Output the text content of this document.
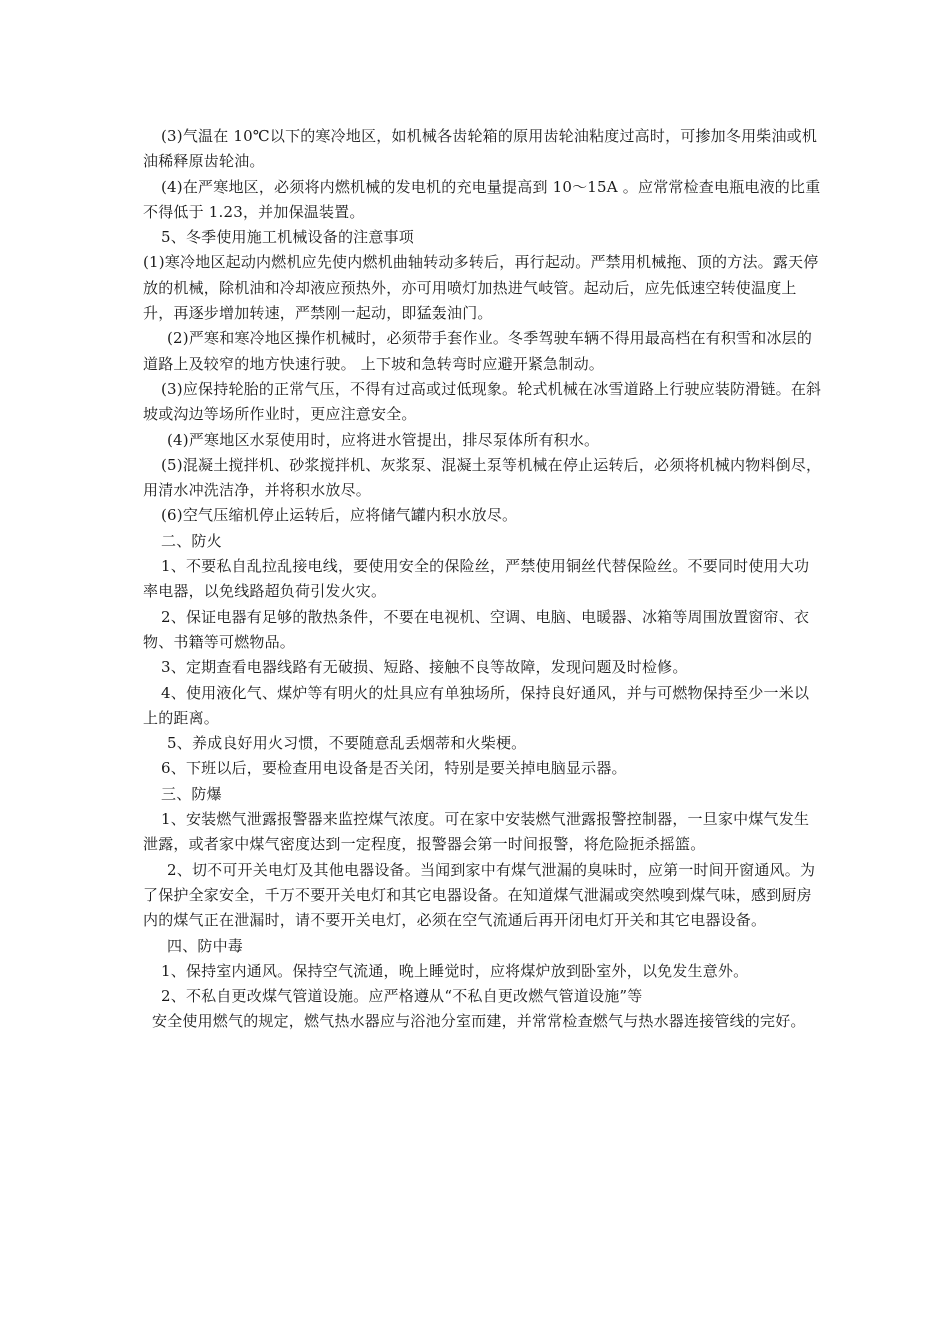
(3)气温在 10℃以下的寒冷地区，如机械各齿轮箱的原用齿轮油粘度过高时，可掺加冬用柴油或机油稀释原齿轮油。

(4)在严寒地区，必须将内燃机械的发电机的充电量提高到 10～15A 。应常常检查电瓶电液的比重不得低于 1.23，并加保温装置。

5、冬季使用施工机械设备的注意事项

(1)寒冷地区起动内燃机应先使内燃机曲轴转动多转后，再行起动。严禁用机械拖、顶的方法。露天停放的机械，除机油和冷却液应预热外，亦可用喷灯加热进气岐管。起动后，应先低速空转使温度上升，再逐步增加转速，严禁刚一起动，即猛轰油门。

(2)严寒和寒冷地区操作机械时，必须带手套作业。冬季驾驶车辆不得用最高档在有积雪和冰层的道路上及较窄的地方快速行驶。 上下坡和急转弯时应避开紧急制动。

(3)应保持轮胎的正常气压，不得有过高或过低现象。轮式机械在冰雪道路上行驶应装防滑链。在斜坡或沟边等场所作业时，更应注意安全。

(4)严寒地区水泵使用时，应将进水管提出，排尽泵体所有积水。

(5)混凝土搅拌机、砂浆搅拌机、灰浆泵、混凝土泵等机械在停止运转后，必须将机械内物料倒尽，用清水冲洗洁净，并将积水放尽。

(6)空气压缩机停止运转后，应将储气罐内积水放尽。

二、防火

1、不要私自乱拉乱接电线，要使用安全的保险丝，严禁使用铜丝代替保险丝。不要同时使用大功率电器，以免线路超负荷引发火灾。

2、保证电器有足够的散热条件，不要在电视机、空调、电脑、电暖器、冰箱等周围放置窗帘、衣物、书籍等可燃物品。

3、定期查看电器线路有无破损、短路、接触不良等故障，发现问题及时检修。

4、使用液化气、煤炉等有明火的灶具应有单独场所，保持良好通风，并与可燃物保持至少一米以上的距离。

5、养成良好用火习惯，不要随意乱丢烟蒂和火柴梗。

6、下班以后，要检查用电设备是否关闭，特别是要关掉电脑显示器。

三、防爆

1、安装燃气泄露报警器来监控煤气浓度。可在家中安装燃气泄露报警控制器，一旦家中煤气发生泄露，或者家中煤气密度达到一定程度，报警器会第一时间报警，将危险扼杀摇篮。

2、切不可开关电灯及其他电器设备。当闻到家中有煤气泄漏的臭味时，应第一时间开窗通风。为了保护全家安全，千万不要开关电灯和其它电器设备。在知道煤气泄漏或突然嗅到煤气味，感到厨房内的煤气正在泄漏时，请不要开关电灯，必须在空气流通后再开闭电灯开关和其它电器设备。

四、防中毒

1、保持室内通风。保持空气流通，晚上睡觉时，应将煤炉放到卧室外，以免发生意外。

2、不私自更改煤气管道设施。应严格遵从“不私自更改燃气管道设施”等

安全使用燃气的规定，燃气热水器应与浴池分室而建，并常常检查燃气与热水器连接管线的完好。
